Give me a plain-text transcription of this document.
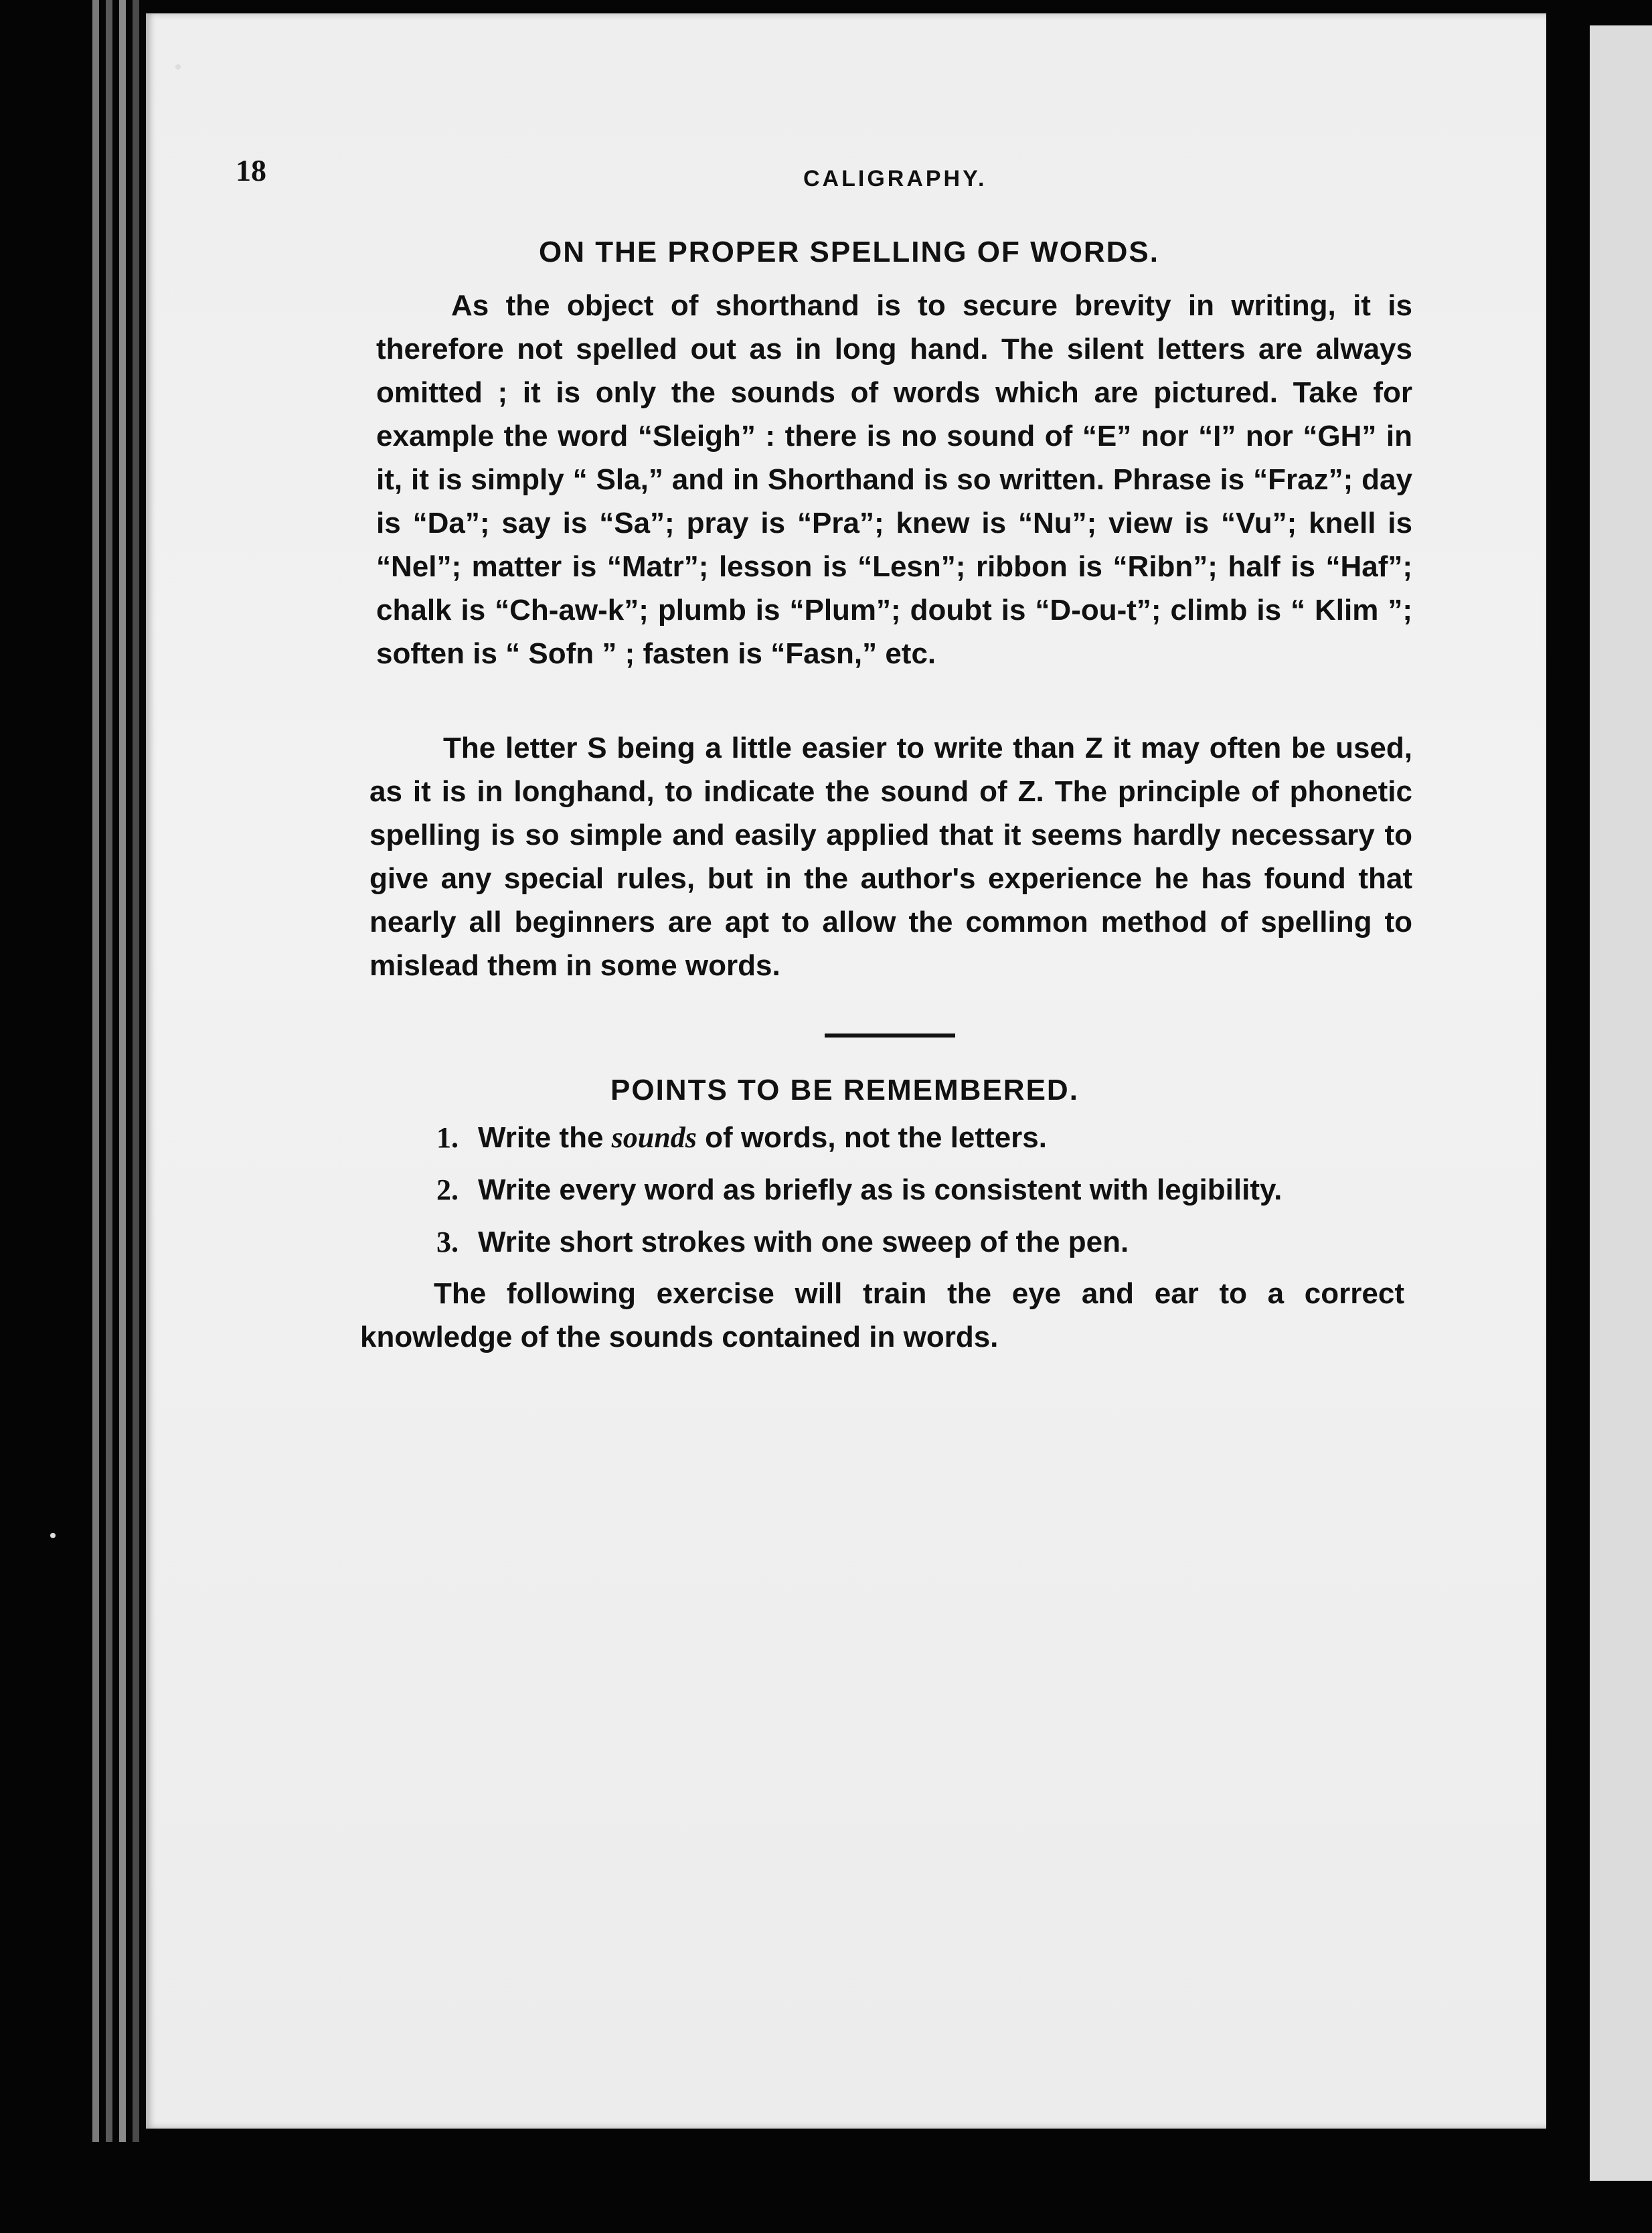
18	CALIGRAPHY.
ON THE PROPER SPELLING OF WORDS.
As the object of shorthand is to secure brevity in writing, it is therefore not spelled out as in long hand. The silent letters are always omitted ; it is only the sounds of words which are pictured. Take for example the word “Sleigh” : there is no sound of “E” nor “I” nor “GH” in it, it is simply “ Sla,” and in Shorthand is so written. Phrase is “Fraz”; day is “Da”; say is “Sa”; pray is “Pra”; knew is “Nu”; view is “Vu”; knell is “Nel”; matter is “Matr”; lesson is “Lesn”; ribbon is “Ribn”; half is “Haf”; chalk is “Ch-aw-k”; plumb is “Plum”; doubt is “D-ou-t”; climb is “ Klim ”; soften is “ Sofn ” ; fasten is “Fasn,” etc.
The letter S being a little easier to write than Z it may often be used, as it is in longhand, to indicate the sound of Z. The principle of phonetic spelling is so simple and easily applied that it seems hardly necessary to give any special rules, but in the author's experience he has found that nearly all beginners are apt to allow the common method of spelling to mislead them in some words.
POINTS TO BE REMEMBERED.
1. Write the sounds of words, not the letters.
2. Write every word as briefly as is consistent with legibility.
3. Write short strokes with one sweep of the pen.
The following exercise will train the eye and ear to a correct knowledge of the sounds contained in words.
